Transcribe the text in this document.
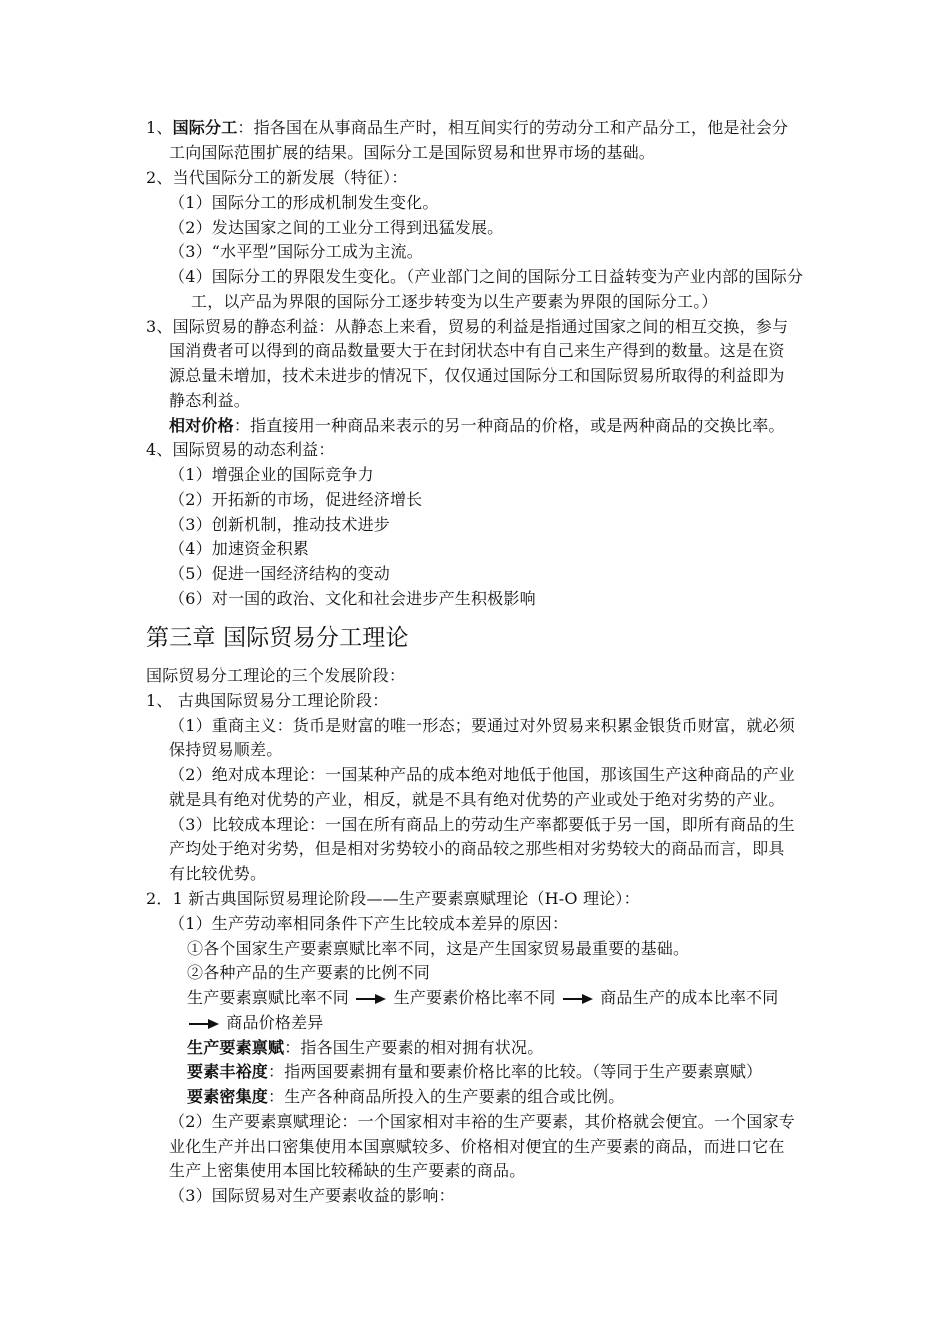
1、国际分工：指各国在从事商品生产时，相互间实行的劳动分工和产品分工，他是社会分
工向国际范围扩展的结果。国际分工是国际贸易和世界市场的基础。
2、当代国际分工的新发展（特征）：
（1）国际分工的形成机制发生变化。
（2）发达国家之间的工业分工得到迅猛发展。
（3）“水平型”国际分工成为主流。
（4）国际分工的界限发生变化。（产业部门之间的国际分工日益转变为产业内部的国际分
工，以产品为界限的国际分工逐步转变为以生产要素为界限的国际分工。）
3、国际贸易的静态利益：从静态上来看，贸易的利益是指通过国家之间的相互交换，参与
国消费者可以得到的商品数量要大于在封闭状态中有自己来生产得到的数量。这是在资
源总量未增加，技术未进步的情况下，仅仅通过国际分工和国际贸易所取得的利益即为
静态利益。
相对价格：指直接用一种商品来表示的另一种商品的价格，或是两种商品的交换比率。
4、国际贸易的动态利益：
（1）增强企业的国际竞争力
（2）开拓新的市场，促进经济增长
（3）创新机制，推动技术进步
（4）加速资金积累
（5）促进一国经济结构的变动
（6）对一国的政治、文化和社会进步产生积极影响
第三章 国际贸易分工理论
国际贸易分工理论的三个发展阶段：
1、 古典国际贸易分工理论阶段：
（1）重商主义：货币是财富的唯一形态；要通过对外贸易来积累金银货币财富，就必须
保持贸易顺差。
（2）绝对成本理论：一国某种产品的成本绝对地低于他国，那该国生产这种商品的产业
就是具有绝对优势的产业，相反，就是不具有绝对优势的产业或处于绝对劣势的产业。
（3）比较成本理论：一国在所有商品上的劳动生产率都要低于另一国，即所有商品的生
产均处于绝对劣势，但是相对劣势较小的商品较之那些相对劣势较大的商品而言，即具
有比较优势。
2．1 新古典国际贸易理论阶段——生产要素禀赋理论（H-O 理论）：
（1）生产劳动率相同条件下产生比较成本差异的原因：
①各个国家生产要素禀赋比率不同，这是产生国家贸易最重要的基础。
②各种产品的生产要素的比例不同
生产要素禀赋比率不同	生产要素价格比率不同	商品生产的成本比率不同
商品价格差异
生产要素禀赋：指各国生产要素的相对拥有状况。
要素丰裕度：指两国要素拥有量和要素价格比率的比较。（等同于生产要素禀赋）
要素密集度：生产各种商品所投入的生产要素的组合或比例。
（2）生产要素禀赋理论：一个国家相对丰裕的生产要素，其价格就会便宜。一个国家专
业化生产并出口密集使用本国禀赋较多、价格相对便宜的生产要素的商品，而进口它在
生产上密集使用本国比较稀缺的生产要素的商品。
（3）国际贸易对生产要素收益的影响：
